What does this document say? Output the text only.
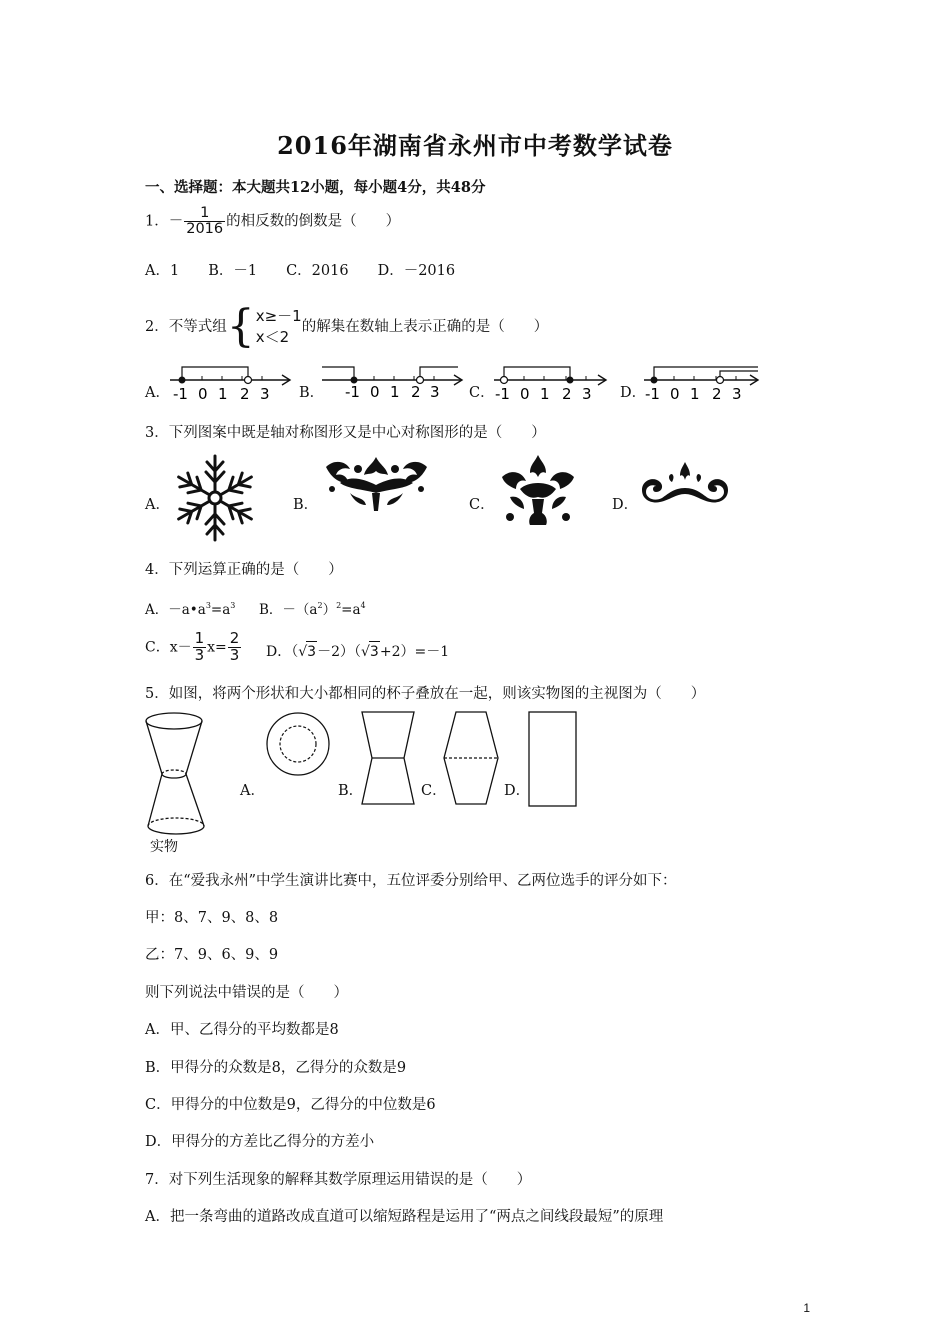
2016年湖南省永州市中考数学试卷
一、选择题：本大题共12小题，每小题4分，共48分
1．－ $\frac{1}{2016}$ 的相反数的倒数是（　　）
A．1　　B．－1　　C．2016　　D．－2016
2．不等式组{ x≥－1
x＜2
的解集在数轴上表示正确的是（　　）
A．	B．	C．	D．
-1 0 1 2 3	-1 0 1 2 3	-1 0 1 2 3	-1 0 1 2 3
3．下列图案中既是轴对称图形又是中心对称图形的是（　　）
A．	B．	C．	D．
4．下列运算正确的是（　　）
A．$-a•a^3=a^3$ B．$-(a^2)^2=a^4$
C．$x- \frac{1}{3} x= \frac{2}{3}$ D．（√3－2）（√3+2）=－1
5．如图，将两个形状和大小都相同的杯子叠放在一起，则该实物图的主视图为（　　）
实物
A．	B．	C．	D．
6．在“爱我永州”中学生演讲比赛中，五位评委分别给甲、乙两位选手的评分如下：
甲：8、7、9、8、8
乙：7、9、6、9、9
则下列说法中错误的是（　　）
A．甲、乙得分的平均数都是8
B．甲得分的众数是8，乙得分的众数是9
C．甲得分的中位数是9，乙得分的中位数是6
D．甲得分的方差比乙得分的方差小
7．对下列生活现象的解释其数学原理运用错误的是（　　）
A．把一条弯曲的道路改成直道可以缩短路程是运用了“两点之间线段最短”的原理
1
